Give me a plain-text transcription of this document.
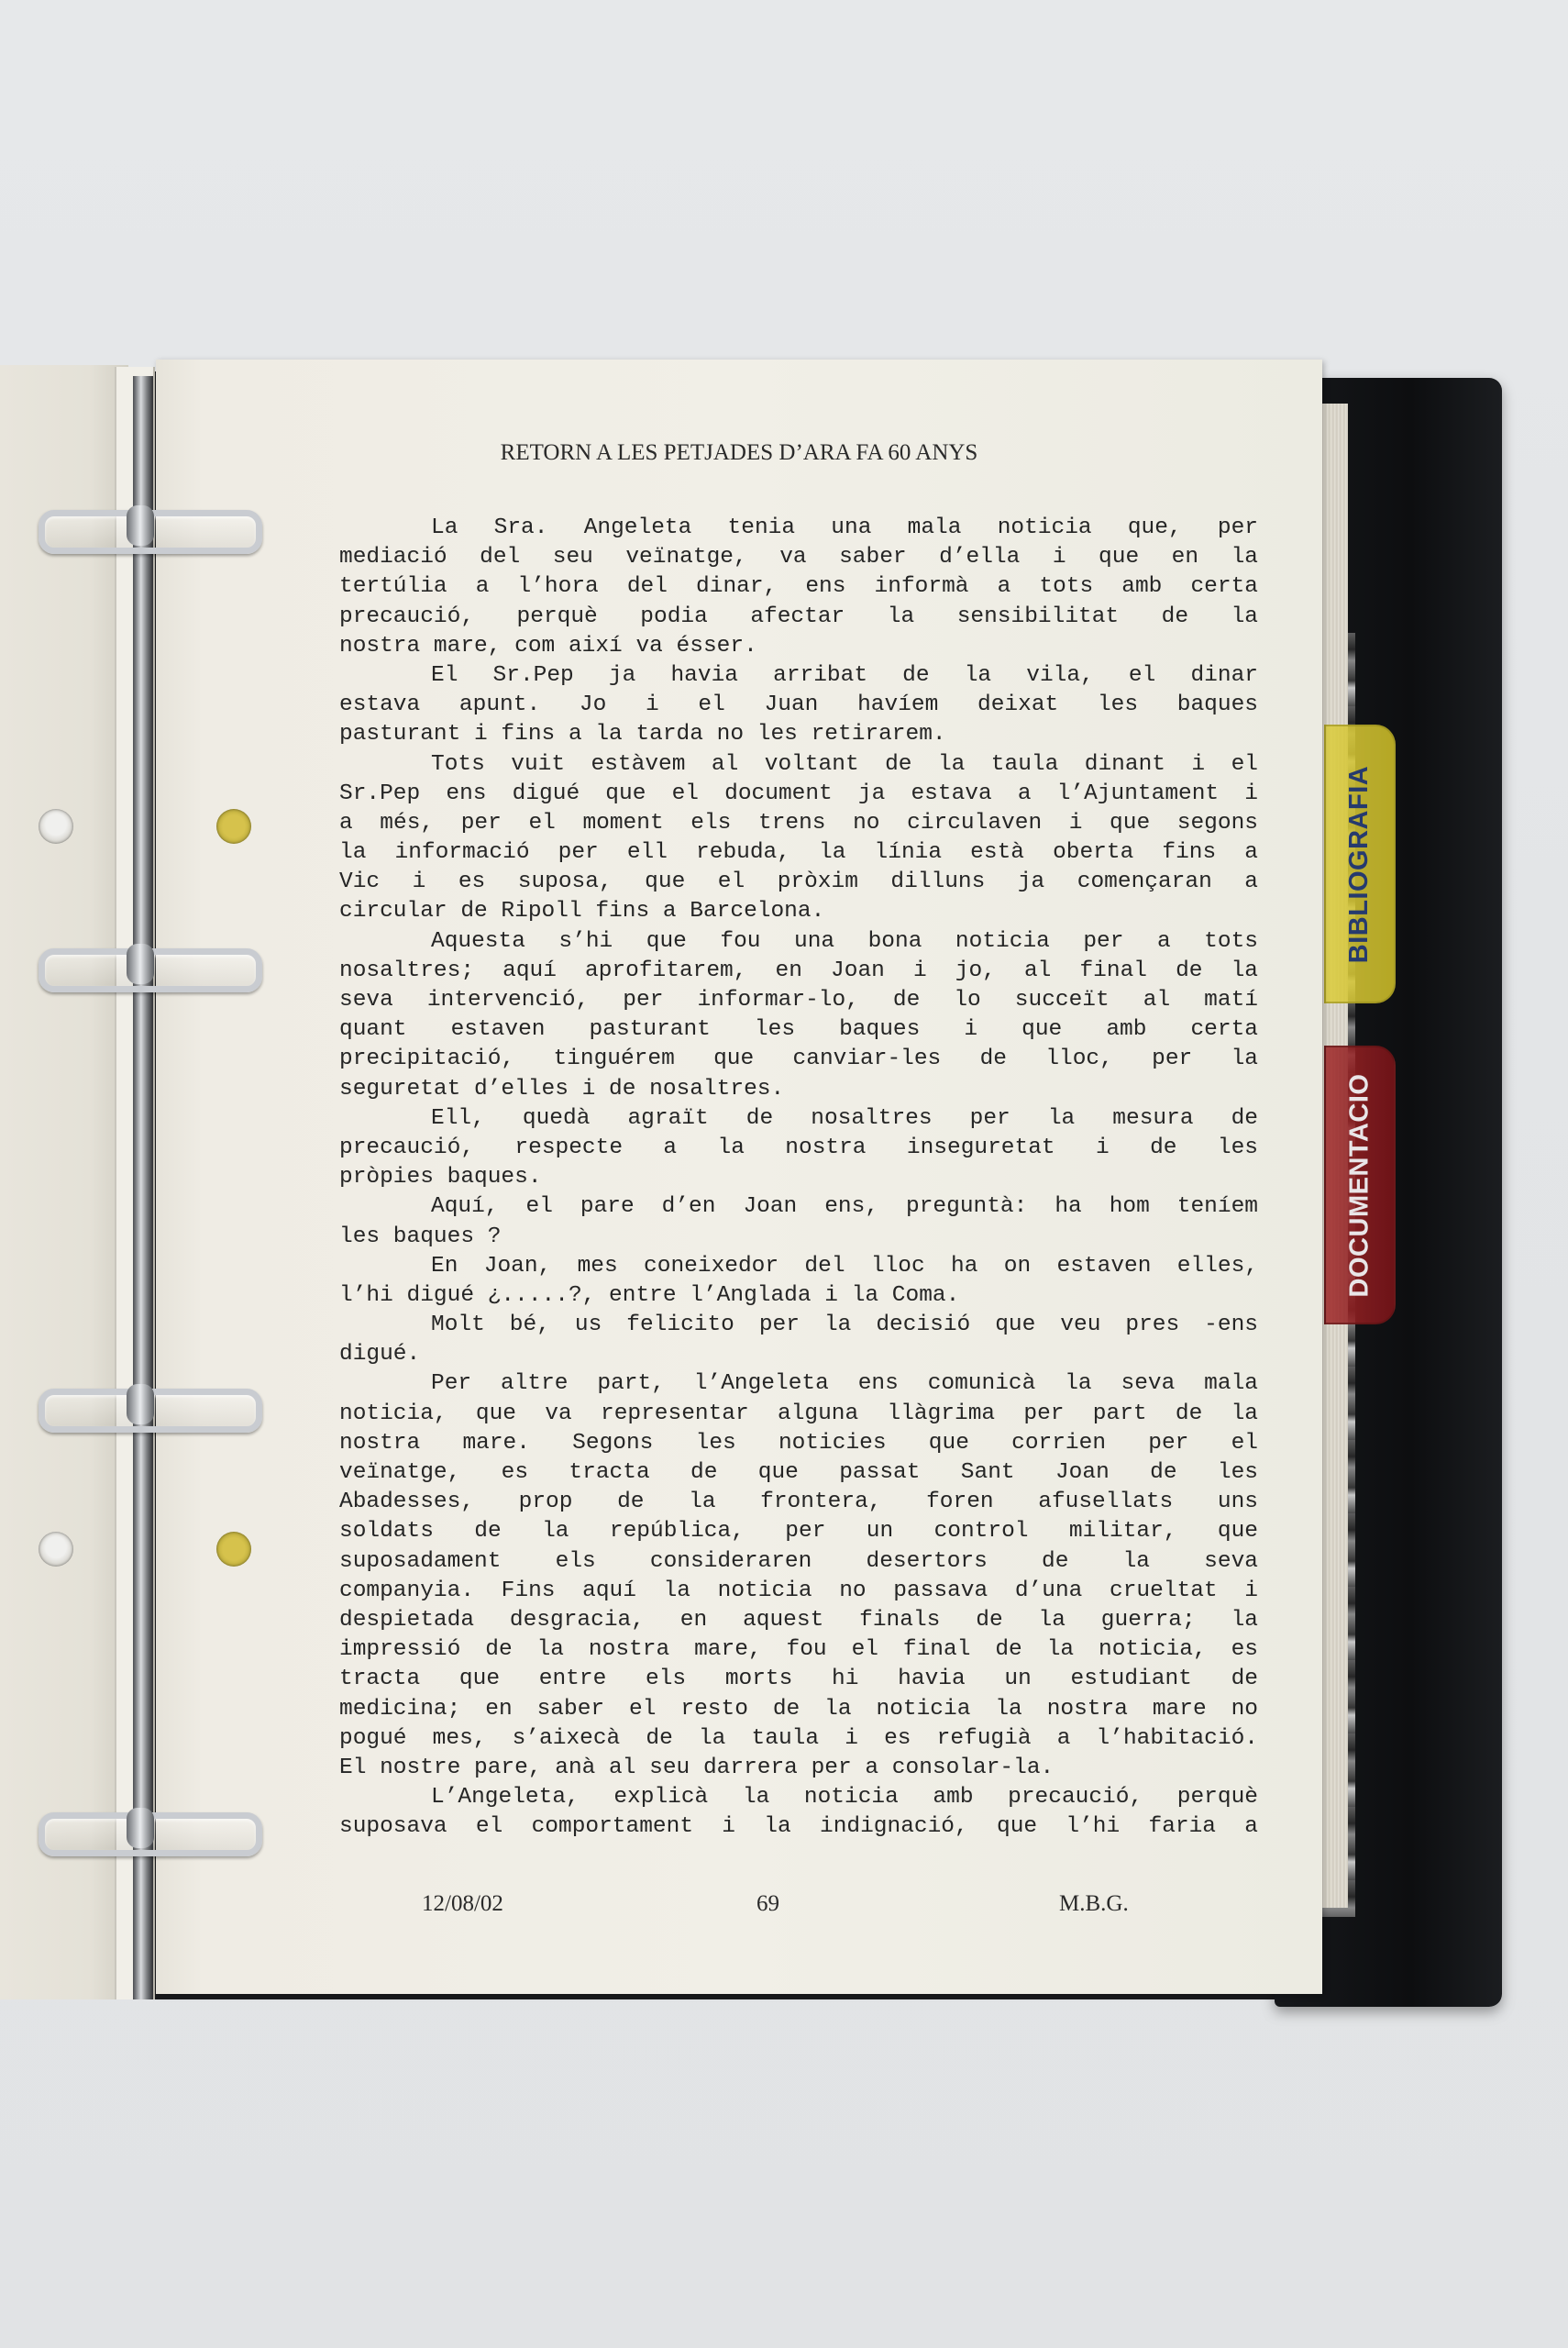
BIBLIOGRAFIA
DOCUMENTACIO
RETORN A LES PETJADES D’ARA FA 60 ANYS
La Sra. Angeleta tenia una mala noticia que, per
mediació del seu veïnatge, va saber d’ella i que en la
tertúlia a l’hora del dinar, ens informà a tots amb certa
precaució, perquè podia afectar la sensibilitat de la
nostra mare, com així va ésser.
El Sr.Pep ja havia arribat de la vila, el dinar
estava apunt. Jo i el Juan havíem deixat les baques
pasturant i fins a la tarda no les retirarem.
Tots vuit estàvem al voltant de la taula dinant i el
Sr.Pep ens digué que el document ja estava a l’Ajuntament i
a més, per el moment els trens no circulaven i que segons
la informació per ell rebuda, la línia està oberta fins a
Vic i es suposa, que el pròxim dilluns ja començaran a
circular de Ripoll fins a Barcelona.
Aquesta s’hi que fou una bona noticia per a tots
nosaltres; aquí aprofitarem, en Joan i jo, al final de la
seva intervenció, per informar-lo, de lo succeït al matí
quant estaven pasturant les baques i que amb certa
precipitació, tinguérem que canviar-les de lloc, per la
seguretat d’elles i de nosaltres.
Ell, quedà agraït de nosaltres per la mesura de
precaució, respecte a la nostra inseguretat i de les
pròpies baques.
Aquí, el pare d’en Joan ens, preguntà: ha hom teníem
les baques ?
En Joan, mes coneixedor del lloc ha on estaven elles,
l’hi digué ¿.....?, entre l’Anglada i la Coma.
Molt bé, us felicito per la decisió que veu pres -ens
digué.
Per altre part, l’Angeleta ens comunicà la seva mala
noticia, que va representar alguna llàgrima per part de la
nostra mare. Segons les noticies que corrien per el
veïnatge, es tracta de que passat Sant Joan de les
Abadesses, prop de la frontera, foren afusellats uns
soldats de la república, per un control militar, que
suposadament els consideraren desertors de la seva
companyia. Fins aquí la noticia no passava d’una crueltat i
despietada desgracia, en aquest finals de la guerra; la
impressió de la nostra mare, fou el final de la noticia, es
tracta que entre els morts hi havia un estudiant de
medicina; en saber el resto de la noticia la nostra mare no
pogué mes, s’aixecà de la taula i es refugià a l’habitació.
El nostre pare, anà al seu darrera per a consolar-la.
L’Angeleta, explicà la noticia amb precaució, perquè
suposava el comportament i la indignació, que l’hi faria a
12/08/02	69	M.B.G.
